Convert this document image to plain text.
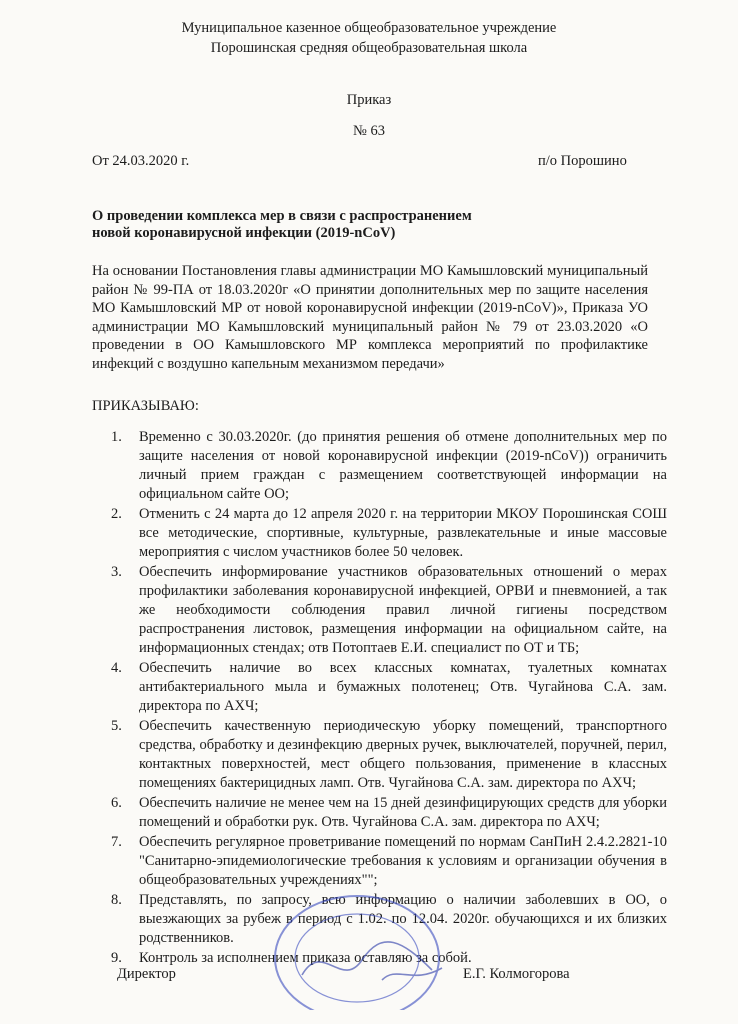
Муниципальное казенное общеобразовательное учреждение
Порошинская средняя общеобразовательная школа
Приказ
№ 63
От 24.03.2020 г.	п/о Порошино
О проведении комплекса мер в связи с распространением
новой коронавирусной инфекции (2019-nCoV)
На основании Постановления главы администрации МО Камышловский муниципальный район № 99-ПА от 18.03.2020г «О принятии дополнительных мер по защите населения МО Камышловский МР от новой коронавирусной инфекции (2019-nCoV)», Приказа УО администрации МО Камышловский муниципальный район № 79 от 23.03.2020 «О проведении в ОО Камышловского МР комплекса мероприятий по профилактике инфекций с воздушно капельным механизмом передачи»
ПРИКАЗЫВАЮ:
1. Временно с 30.03.2020г. (до принятия решения об отмене дополнительных мер по защите населения от новой коронавирусной инфекции (2019-nCoV)) ограничить личный прием граждан с размещением соответствующей информации на официальном сайте ОО;
2. Отменить с 24 марта до 12 апреля 2020 г. на территории МКОУ Порошинская СОШ все методические, спортивные, культурные, развлекательные и иные массовые мероприятия с числом участников более 50 человек.
3. Обеспечить информирование участников образовательных отношений о мерах профилактики заболевания коронавирусной инфекцией, ОРВИ и пневмонией, а так же необходимости соблюдения правил личной гигиены посредством распространения листовок, размещения информации на официальном сайте, на информационных стендах; отв Потоптаев Е.И. специалист по ОТ и ТБ;
4. Обеспечить наличие во всех классных комнатах, туалетных комнатах антибактериального мыла и бумажных полотенец; Отв. Чугайнова С.А. зам. директора по АХЧ;
5. Обеспечить качественную периодическую уборку помещений, транспортного средства, обработку и дезинфекцию дверных ручек, выключателей, поручней, перил, контактных поверхностей, мест общего пользования, применение в классных помещениях бактерицидных ламп. Отв. Чугайнова С.А. зам. директора по АХЧ;
6. Обеспечить наличие не менее чем на 15 дней дезинфицирующих средств для уборки помещений и обработки рук. Отв. Чугайнова С.А. зам. директора по АХЧ;
7. Обеспечить регулярное проветривание помещений по нормам СанПиН 2.4.2.2821-10 "Санитарно-эпидемиологические требования к условиям и организации обучения в общеобразовательных учреждениях"";
8. Представлять, по запросу, всю информацию о наличии заболевших в ОО, о выезжающих за рубеж в период с 1.02. по 12.04. 2020г. обучающихся и их близких родственников.
9. Контроль за исполнением приказа оставляю за собой.
Директор	Е.Г. Колмогорова
